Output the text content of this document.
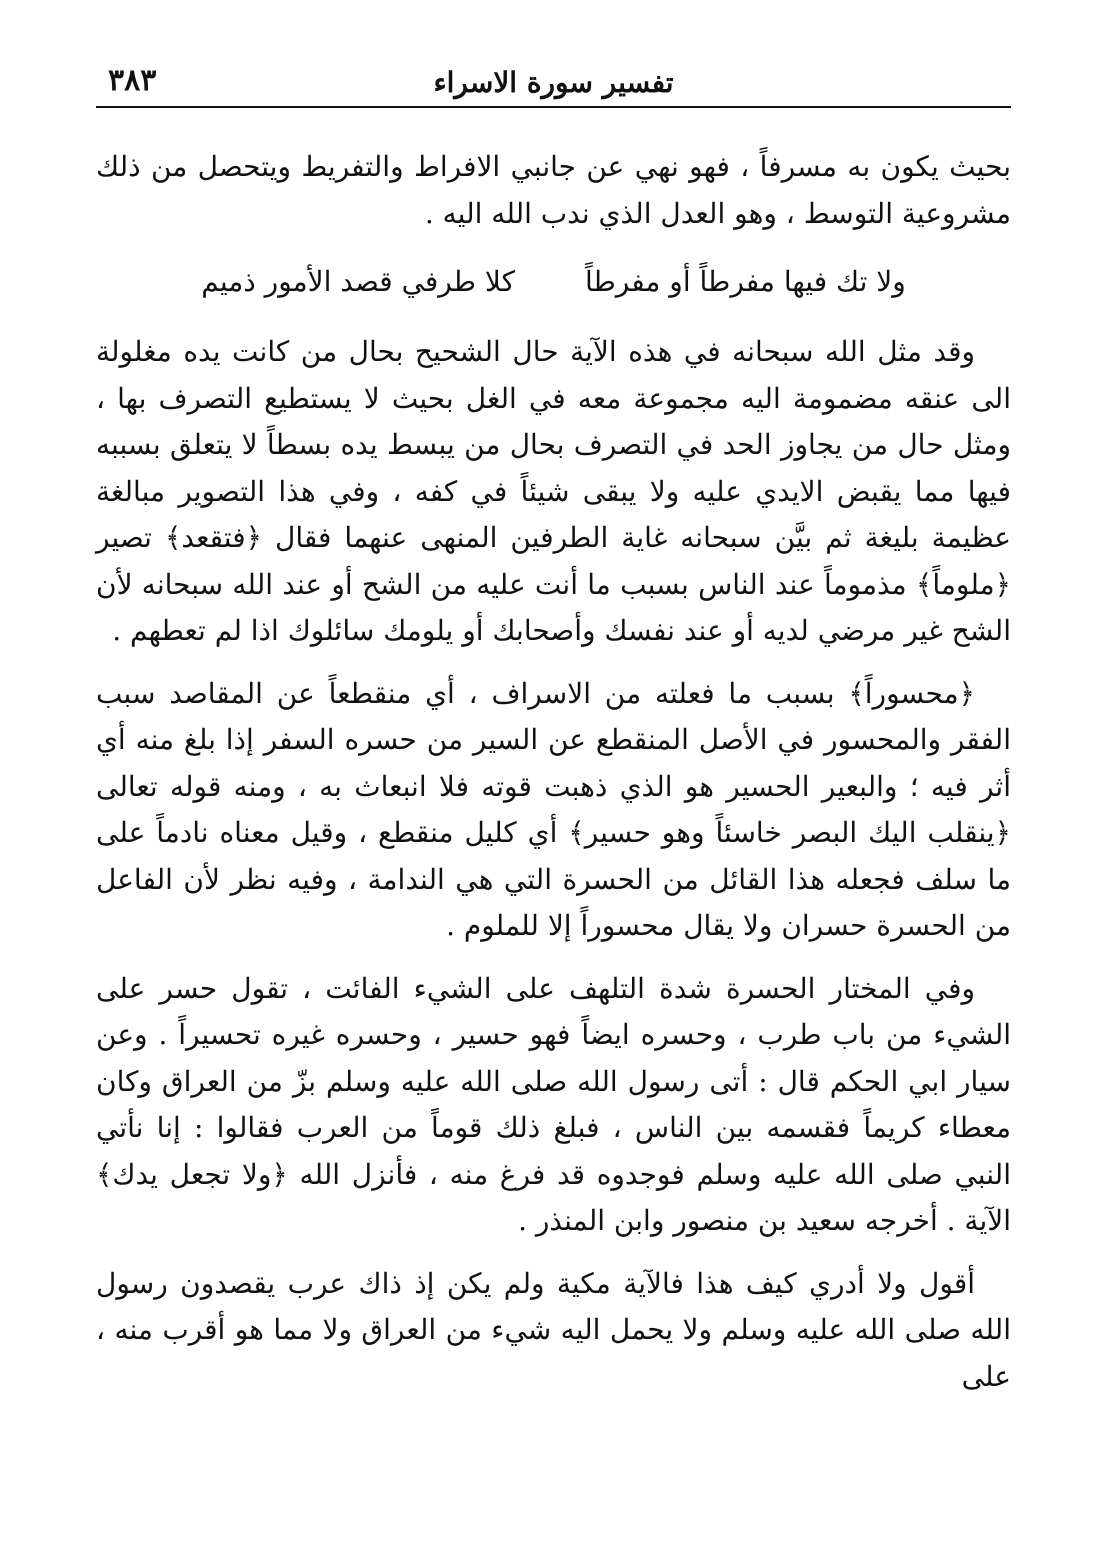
تفسير سورة الاسراء
٣٨٣

بحيث يكون به مسرفاً ، فهو نهي عن جانبي الافراط والتفريط ويتحصل من ذلك مشروعية التوسط ، وهو العدل الذي ندب الله اليه .

ولا تك فيها مفرطاً أو مفرطاً
كلا طرفي قصد الأمور ذميم

وقد مثل الله سبحانه في هذه الآية حال الشحيح بحال من كانت يده مغلولة الى عنقه مضمومة اليه مجموعة معه في الغل بحيث لا يستطيع التصرف بها ، ومثل حال من يجاوز الحد في التصرف بحال من يبسط يده بسطاً لا يتعلق بسببه فيها مما يقبض الايدي عليه ولا يبقى شيئاً في كفه ، وفي هذا التصوير مبالغة عظيمة بليغة ثم بيَّن سبحانه غاية الطرفين المنهى عنهما فقال ﴿فتقعد﴾ تصير ﴿ملوماً﴾ مذموماً عند الناس بسبب ما أنت عليه من الشح أو عند الله سبحانه لأن الشح غير مرضي لديه أو عند نفسك وأصحابك أو يلومك سائلوك اذا لم تعطهم .

﴿محسوراً﴾ بسبب ما فعلته من الاسراف ، أي منقطعاً عن المقاصد سبب الفقر والمحسور في الأصل المنقطع عن السير من حسره السفر إذا بلغ منه أي أثر فيه ؛ والبعير الحسير هو الذي ذهبت قوته فلا انبعاث به ، ومنه قوله تعالى ﴿ينقلب اليك البصر خاسئاً وهو حسير﴾ أي كليل منقطع ، وقيل معناه نادماً على ما سلف فجعله هذا القائل من الحسرة التي هي الندامة ، وفيه نظر لأن الفاعل من الحسرة حسران ولا يقال محسوراً إلا للملوم .

وفي المختار الحسرة شدة التلهف على الشيء الفائت ، تقول حسر على الشيء من باب طرب ، وحسره ايضاً فهو حسير ، وحسره غيره تحسيراً . وعن سيار ابي الحكم قال : أتى رسول الله صلى الله عليه وسلم بزّ من العراق وكان معطاء كريماً فقسمه بين الناس ، فبلغ ذلك قوماً من العرب فقالوا : إنا نأتي النبي صلى الله عليه وسلم فوجدوه قد فرغ منه ، فأنزل الله ﴿ولا تجعل يدك﴾ الآية . أخرجه سعيد بن منصور وابن المنذر .

أقول ولا أدري كيف هذا فالآية مكية ولم يكن إذ ذاك عرب يقصدون رسول الله صلى الله عليه وسلم ولا يحمل اليه شيء من العراق ولا مما هو أقرب منه ، على
